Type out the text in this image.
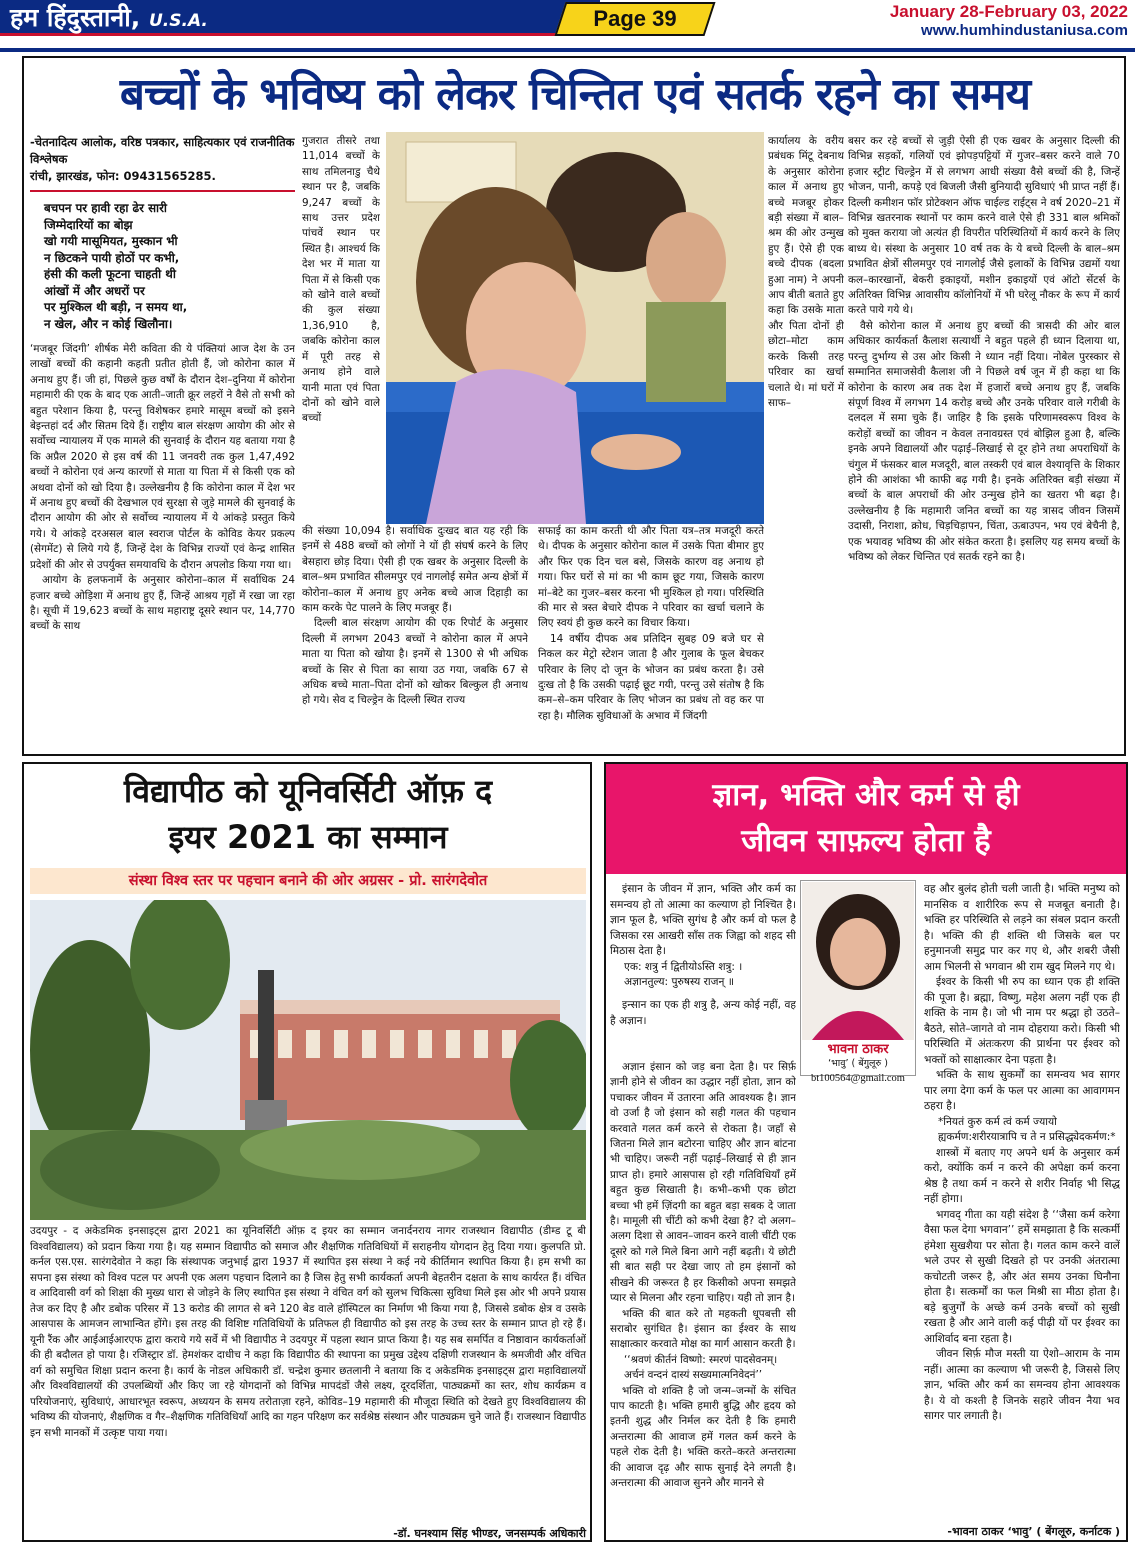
हम हिंदुस्तानी, U.S.A.	Page 39	January 28-February 03, 2022
www.humhindustaniusa.com
बच्चों के भविष्य को लेकर चिन्तित एवं सतर्क रहने का समय
-चेतनादित्य आलोक, वरिष्ठ पत्रकार, साहित्यकार एवं राजनीतिक विश्लेषक
रांची, झारखंड, फोन: 09431565285.
बचपन पर हावी रहा ढेर सारी
जिम्मेदारियों का बोझ
खो गयी मासूमियत, मुस्कान भी
न छिटकने पायी होठों पर कभी,
हंसी की कली फूटना चाहती थी
आंखों में और अधरों पर
पर मुश्किल थी बड़ी, न समय था,
न खेल, और न कोई खिलौना।

‘मजबूर जिंदगी’ शीर्षक मेरी कविता की ये पंक्तियां आज देश के उन लाखों बच्चों की कहानी कहती प्रतीत होती हैं, जो कोरोना काल में अनाथ हुए हैं। जी हां, पिछले कुछ वर्षों के दौरान देश–दुनिया में कोरोना महामारी की एक के बाद एक आती–जाती क्रूर लहरों ने वैसे तो सभी को बहुत परेशान किया है, परन्तु विशेषकर हमारे मासूम बच्चों को इसने बेइन्तहां दर्द और सितम दिये हैं। राष्ट्रीय बाल संरक्षण आयोग की ओर से सर्वोच्च न्यायालय में एक मामले की सुनवाई के दौरान यह बताया गया है कि अप्रैल 2020 से इस वर्ष की 11 जनवरी तक कुल 1,47,492 बच्चों ने कोरोना एवं अन्य कारणों से माता या पिता में से किसी एक को अथवा दोनों को खो दिया है। उल्लेखनीय है कि कोरोना काल में देश भर में अनाथ हुए बच्चों की देखभाल एवं सुरक्षा से जुड़े मामले की सुनवाई के दौरान आयोग की ओर से सर्वोच्च न्यायालय में ये आंकड़े प्रस्तुत किये गये। ये आंकड़े दरअसल बाल स्वराज पोर्टल के कोविड केयर प्रकल्प (सेगमेंट) से लिये गये हैं, जिन्हें देश के विभिन्न राज्यों एवं केन्द्र शासित प्रदेशों की ओर से उपर्युक्त समयावधि के दौरान अपलोड किया गया था।

आयोग के हलफनामें के अनुसार कोरोना–काल में सर्वाधिक 24 हजार बच्चे ओड़िशा में अनाथ हुए हैं, जिन्हें आश्रय गृहों में रखा जा रहा है। सूची में 19,623 बच्चों के साथ महाराष्ट्र दूसरे स्थान पर, 14,770 बच्चों के साथ

गुजरात तीसरे तथा 11,014 बच्चों के साथ तमिलनाडु चैथे स्थान पर है, जबकि 9,247 बच्चों के साथ उत्तर प्रदेश पांचवें स्थान पर स्थित है। आश्चर्य कि देश भर में माता या पिता में से किसी एक को खोने वाले बच्चों की कुल संख्या 1,36,910 है, जबकि कोरोना काल में पूरी तरह से अनाथ होने वाले यानी माता एवं पिता दोनों को खोने वाले बच्चों

कार्यालय के वरीय प्रबंधक मिंटू देबनाथ के अनुसार कोरोना काल में अनाथ हुए बच्चे मजबूर होकर बड़ी संख्या में बाल–श्रम की ओर उन्मुख हुए हैं। ऐसे ही एक बच्चे दीपक (बदला हुआ नाम) ने अपनी आप बीती बताते हुए कहा कि उसके माता और पिता दोनों ही छोटा–मोटा काम करके किसी तरह परिवार का खर्चा चलाते थे। मां घरों में साफ–

की संख्या 10,094 है। सर्वाधिक दुःखद बात यह रही कि इनमें से 488 बच्चों को लोगों ने यों ही संघर्ष करने के लिए बेसहारा छोड़ दिया। ऐसी ही एक खबर के अनुसार दिल्ली के बाल–श्रम प्रभावित सीलमपुर एवं नागलोई समेत अन्य क्षेत्रों में कोरोना–काल में अनाथ हुए अनेक बच्चे आज दिहाड़ी का काम करके पेट पालने के लिए मजबूर हैं।

दिल्ली बाल संरक्षण आयोग की एक रिपोर्ट के अनुसार दिल्ली में लगभग 2043 बच्चों ने कोरोना काल में अपने माता या पिता को खोया है। इनमें से 1300 से भी अधिक बच्चों के सिर से पिता का साया उठ गया, जबकि 67 से अधिक बच्चे माता–पिता दोनों को खोकर बिल्कुल ही अनाथ हो गये। सेव द चिल्ड्रेन के दिल्ली स्थित राज्य

सफाई का काम करती थी और पिता यत्र–तत्र मजदूरी करते थे। दीपक के अनुसार कोरोना काल में उसके पिता बीमार हुए और फिर एक दिन चल बसे, जिसके कारण वह अनाथ हो गया। फिर घरों से मां का भी काम छूट गया, जिसके कारण मां–बेटे का गुजर–बसर करना भी मुश्किल हो गया। परिस्थिति की मार से त्रस्त बेचारे दीपक ने परिवार का खर्चा चलाने के लिए स्वयं ही कुछ करने का विचार किया।

14 वर्षीय दीपक अब प्रतिदिन सुबह 09 बजे घर से निकल कर मेट्रो स्टेशन जाता है और गुलाब के फूल बेचकर परिवार के लिए दो जून के भोजन का प्रबंध करता है। उसे दुःख तो है कि उसकी पढ़ाई छूट गयी, परन्तु उसे संतोष है कि कम–से–कम परिवार के लिए भोजन का प्रबंध तो वह कर पा रहा है। मौलिक सुविधाओं के अभाव में जिंदगी

बसर कर रहे बच्चों से जुड़ी ऐसी ही एक खबर के अनुसार दिल्ली की विभिन्न सड़कों, गलियों एवं झोपड़पट्टियों में गुजर–बसर करने वाले 70 हजार स्ट्रीट चिल्ड्रेन में से लगभग आधी संख्या वैसे बच्चों की है, जिन्हें भोजन, पानी, कपड़े एवं बिजली जैसी बुनियादी सुविधाएं भी प्राप्त नहीं हैं। दिल्ली कमीशन फॉर प्रोटेक्शन ऑफ चाईल्ड राईट्स ने वर्ष 2020–21 में विभिन्न खतरनाक स्थानों पर काम करने वाले ऐसे ही 331 बाल श्रमिकों को मुक्त कराया जो अत्यंत ही विपरीत परिस्थितियों में कार्य करने के लिए बाध्य थे। संस्था के अनुसार 10 वर्ष तक के ये बच्चे दिल्ली के बाल–श्रम प्रभावित क्षेत्रों सीलमपुर एवं नागलोई जैसे इलाकों के विभिन्न उद्यमों यथा कल–कारखानों, बेकरी इकाइयों, मशीन इकाइयों एवं ऑटो सेंटर्स के अतिरिक्त विभिन्न आवासीय कॉलोनियों में भी घरेलू नौकर के रूप में कार्य करते पाये गये थे।

वैसे कोरोना काल में अनाथ हुए बच्चों की त्रासदी की ओर बाल अधिकार कार्यकर्ता कैलाश सत्यार्थी ने बहुत पहले ही ध्यान दिलाया था, परन्तु दुर्भाग्य से उस ओर किसी ने ध्यान नहीं दिया। नोबेल पुरस्कार से सम्मानित समाजसेवी कैलाश जी ने पिछले वर्ष जून में ही कहा था कि कोरोना के कारण अब तक देश में हजारों बच्चे अनाथ हुए हैं, जबकि संपूर्ण विश्व में लगभग 14 करोड़ बच्चे और उनके परिवार वाले गरीबी के दलदल में समा चुके हैं। जाहिर है कि इसके परिणामस्वरूप विश्व के करोड़ों बच्चों का जीवन न केवल तनावग्रस्त एवं बोझिल हुआ है, बल्कि इनके अपने विद्यालयों और पढ़ाई–लिखाई से दूर होने तथा अपराधियों के चंगुल में फंसकर बाल मजदूरी, बाल तस्करी एवं बाल वेश्यावृत्ति के शिकार होने की आशंका भी काफी बढ़ गयी है। इनके अतिरिक्त बड़ी संख्या में बच्चों के बाल अपराधों की ओर उन्मुख होने का खतरा भी बढ़ा है। उल्लेखनीय है कि महामारी जनित बच्चों का यह त्रासद जीवन जिसमें उदासी, निराशा, क्रोध, चिड़चिड़ापन, चिंता, ऊबाउपन, भय एवं बेचैनी है, एक भयावह भविष्य की ओर संकेत करता है। इसलिए यह समय बच्चों के भविष्य को लेकर चिन्तित एवं सतर्क रहने का है।

विद्यापीठ को यूनिवर्सिटी ऑफ़ द
इयर 2021 का सम्मान
संस्था विश्व स्तर पर पहचान बनाने की ओर अग्रसर - प्रो. सारंगदेवोत

उदयपुर - द अकेडमिक इनसाइट्स द्वारा 2021 का यूनिवर्सिटी ऑफ़ द इयर का सम्मान जनार्दनराय नागर राजस्थान विद्यापीठ (डीम्ड टू बी विश्वविद्यालय) को प्रदान किया गया है। यह सम्मान विद्यापीठ को समाज और शैक्षणिक गतिविधियों में सराहनीय योगदान हेतु दिया गया। कुलपति प्रो. कर्नल एस.एस. सारंगदेवोत ने कहा कि संस्थापक जनुभाई द्वारा 1937 में स्थापित इस संस्था ने कई नये कीर्तिमान स्थापित किया है। हम सभी का सपना इस संस्था को विश्व पटल पर अपनी एक अलग पहचान दिलाने का है जिस हेतु सभी कार्यकर्ता अपनी बेहतरीन दक्षता के साथ कार्यरत हैं। वंचित व आदिवासी वर्ग को शिक्षा की मुख्य धारा से जोड़ने के लिए स्थापित इस संस्था ने वंचित वर्ग को सुलभ चिकित्सा सुविधा मिले इस ओर भी अपने प्रयास तेज कर दिए है और डबोक परिसर में 13 करोड की लागत से बने 120 बेड वाले हॉस्पिटल का निर्माण भी किया गया है, जिससे डबोक क्षेत्र व उसके आसपास के आमजन लाभान्वित होंगे। इस तरह की विशिष्ट गतिविधियों के प्रतिफल ही विद्यापीठ को इस तरह के उच्च स्तर के सम्मान प्राप्त हो रहे हैं। यूनी रैंक और आईआईआरएफ द्वारा कराये गये सर्वे में भी विद्यापीठ ने उदयपुर में पहला स्थान प्राप्त किया है। यह सब समर्पित व निष्ठावान कार्यकर्ताओं की ही बदौलत हो पाया है। रजिस्ट्रार डॉ. हेमशंकर दाधीच ने कहा कि विद्यापीठ की स्थापना का प्रमुख उद्देश्य दक्षिणी राजस्थान के श्रमजीवी और वंचित वर्ग को समुचित शिक्षा प्रदान करना है। कार्य के नोडल अधिकारी डॉ. चन्द्रेश कुमार छतलानी ने बताया कि द अकेडमिक इनसाइट्स द्वारा महाविद्यालयों और विश्वविद्यालयों की उपलब्धियों और किए जा रहे योगदानों को विभिन्न मापदंडों जैसे लक्ष्य, दूरदर्शिता, पाठ्यक्रमों का स्तर, शोध कार्यक्रम व परियोजनाएं, सुविधाएं, आधारभूत स्वरूप, अध्ययन के समय तरोताज़ा रहने, कोविड–19 महामारी की मौजूदा स्थिति को देखते हुए विश्वविद्यालय की भविष्य की योजनाएं, शैक्षणिक व गैर–शैक्षणिक गतिविधियाँ आदि का गहन परिक्षण कर सर्वश्रेष्ठ संस्थान और पाठ्यक्रम चुने जाते हैं। राजस्थान विद्यापीठ इन सभी मानकों में उत्कृष्ट पाया गया।

-डॉ. घनश्याम सिंह भीण्डर, जनसम्पर्क अधिकारी
ज्ञान, भक्ति और कर्म से ही
जीवन साफ़ल्य होता है

इंसान के जीवन में ज्ञान, भक्ति और कर्म का समन्वय हो तो आत्मा का कल्याण हो निश्चित है। ज्ञान फूल है, भक्ति सुगंध है और कर्म वो फल है जिसका रस आखरी साँस तक जिह्वा को शहद सी मिठास देता है।

एक: शत्रु र्न द्वितीयोऽस्ति शत्रु: ।

अज्ञानतुल्य: पुरुषस्य राजन् ॥

भावना ठाकर
‘भावु’ ( बेंगुलूरु )
bt100564@gmail.com

इन्सान का एक ही शत्रु है, अन्य कोई नहीं, वह है अज्ञान।

अज्ञान इंसान को जड़ बना देता है। पर सिर्फ़ ज्ञानी होने से जीवन का उद्धार नहीं होता, ज्ञान को पचाकर जीवन में उतारना अति आवश्यक है। ज्ञान वो उर्जा है जो इंसान को सही गलत की पहचान करवाते गलत कर्म करने से रोकता है। जहाँ से जितना मिले ज्ञान बटोरना चाहिए और ज्ञान बांटना भी चाहिए। जरूरी नहीं पढ़ाई–लिखाई से ही ज्ञान प्राप्त हो। हमारे आसपास हो रही गतिविधियाँ हमें बहुत कुछ सिखाती है। कभी–कभी एक छोटा बच्चा भी हमें ज़िंदगी का बहुत बड़ा सबक दे जाता है। मामूली सी चींटी को कभी देखा है? दो अलग–अलग दिशा से आवन–जावन करने वाली चींटी एक दूसरे को गले मिले बिना आगे नहीं बढ़ती। ये छोटी सी बात सही पर देखा जाए तो हम इंसानों को सीखने की जरूरत है हर किसीको अपना समझते प्यार से मिलना और रहना चाहिए। यही तो ज्ञान है।

भक्ति की बात करे तो महकती धूपबत्ती सी सराबोर सुगंधित है। इंसान का ईश्वर के साथ साक्षात्कार करवाते मोक्ष का मार्ग आसान करती है।

‘‘श्रवणं कीर्तनं विष्णो: स्मरणं पादसेवनम्।

अर्चनं वन्दनं दास्यं सख्यमात्मनिवेदनं’’

भक्ति वो शक्ति है जो जन्म–जन्मों के संचित पाप काटती है। भक्ति हमारी बुद्धि और हृदय को इतनी शुद्ध और निर्मल कर देती है कि हमारी अन्तरात्मा की आवाज हमें गलत कर्म करने के पहले रोक देती है। भक्ति करते–करते अन्तरात्मा की आवाज दृढ़ और साफ सुनाई देने लगती है। अन्तरात्मा की आवाज सुनने और मानने से

वह और बुलंद होती चली जाती है। भक्ति मनुष्य को मानसिक व शारीरिक रूप से मजबूत बनाती है। भक्ति हर परिस्थिति से लड़ने का संबल प्रदान करती है। भक्ति की ही शक्ति थी जिसके बल पर हनुमानजी समुद्र पार कर गए थे, और शबरी जैसी आम भिलनी से भगवान श्री राम खुद मिलने गए थे।

ईश्वर के किसी भी रुप का ध्यान एक ही शक्ति की पूजा है। ब्रह्मा, विष्णु, महेश अलग नहीं एक ही शक्ति के नाम है। जो भी नाम पर श्रद्धा हो उठते–बैठते, सोते–जागते वो नाम दोहराया करो। किसी भी परिस्थिति में अंतःकरण की प्रार्थना पर ईश्वर को भक्तों को साक्षात्कार देना पड़ता है।

भक्ति के साथ सुकर्मों का समन्वय भव सागर पार लगा देगा कर्म के फल पर आत्मा का आवागमन ठहरा है।

*नियतं कुरु कर्म त्वं कर्म ज्यायो ह्यकर्मण:शरीरयात्रापि च ते न प्रसिद्ध्येदकर्मण:*

शास्त्रों में बताए गए अपने धर्म के अनुसार कर्म करो, क्योंकि कर्म न करने की अपेक्षा कर्म करना श्रेष्ठ है तथा कर्म न करने से शरीर निर्वाह भी सिद्ध नहीं होगा।

भगवद् गीता का यही संदेश है ‘‘जैसा कर्म करेगा वैसा फल देगा भगवान’’ हमें समझाता है कि सत्कर्मी हंमेशा सुखशैया पर सोता है। गलत काम करने वालें भले उपर से सुखी दिखते हो पर उनकी अंतरात्मा कचोटती जरूर है, और अंत समय उनका घिनौना होता है। सत्कर्मों का फल मिश्री सा मीठा होता है। बड़े बुजुर्गों के अच्छे कर्म उनके बच्चों को सुखी रखता है और आने वाली कई पीढ़ी यों पर ईश्वर का आशिर्वाद बना रहता है।

जीवन सिर्फ़ मौज मस्ती या ऐशो–आराम के नाम नहीं। आत्मा का कल्याण भी जरूरी है, जिससे लिए ज्ञान, भक्ति और कर्म का समन्वय होना आवश्यक है। ये वो कश्ती है जिनके सहारे जीवन नैया भव सागर पार लगाती है।

-भावना ठाकर ‘भावु’ ( बेंगलूरु, कर्नाटक )
